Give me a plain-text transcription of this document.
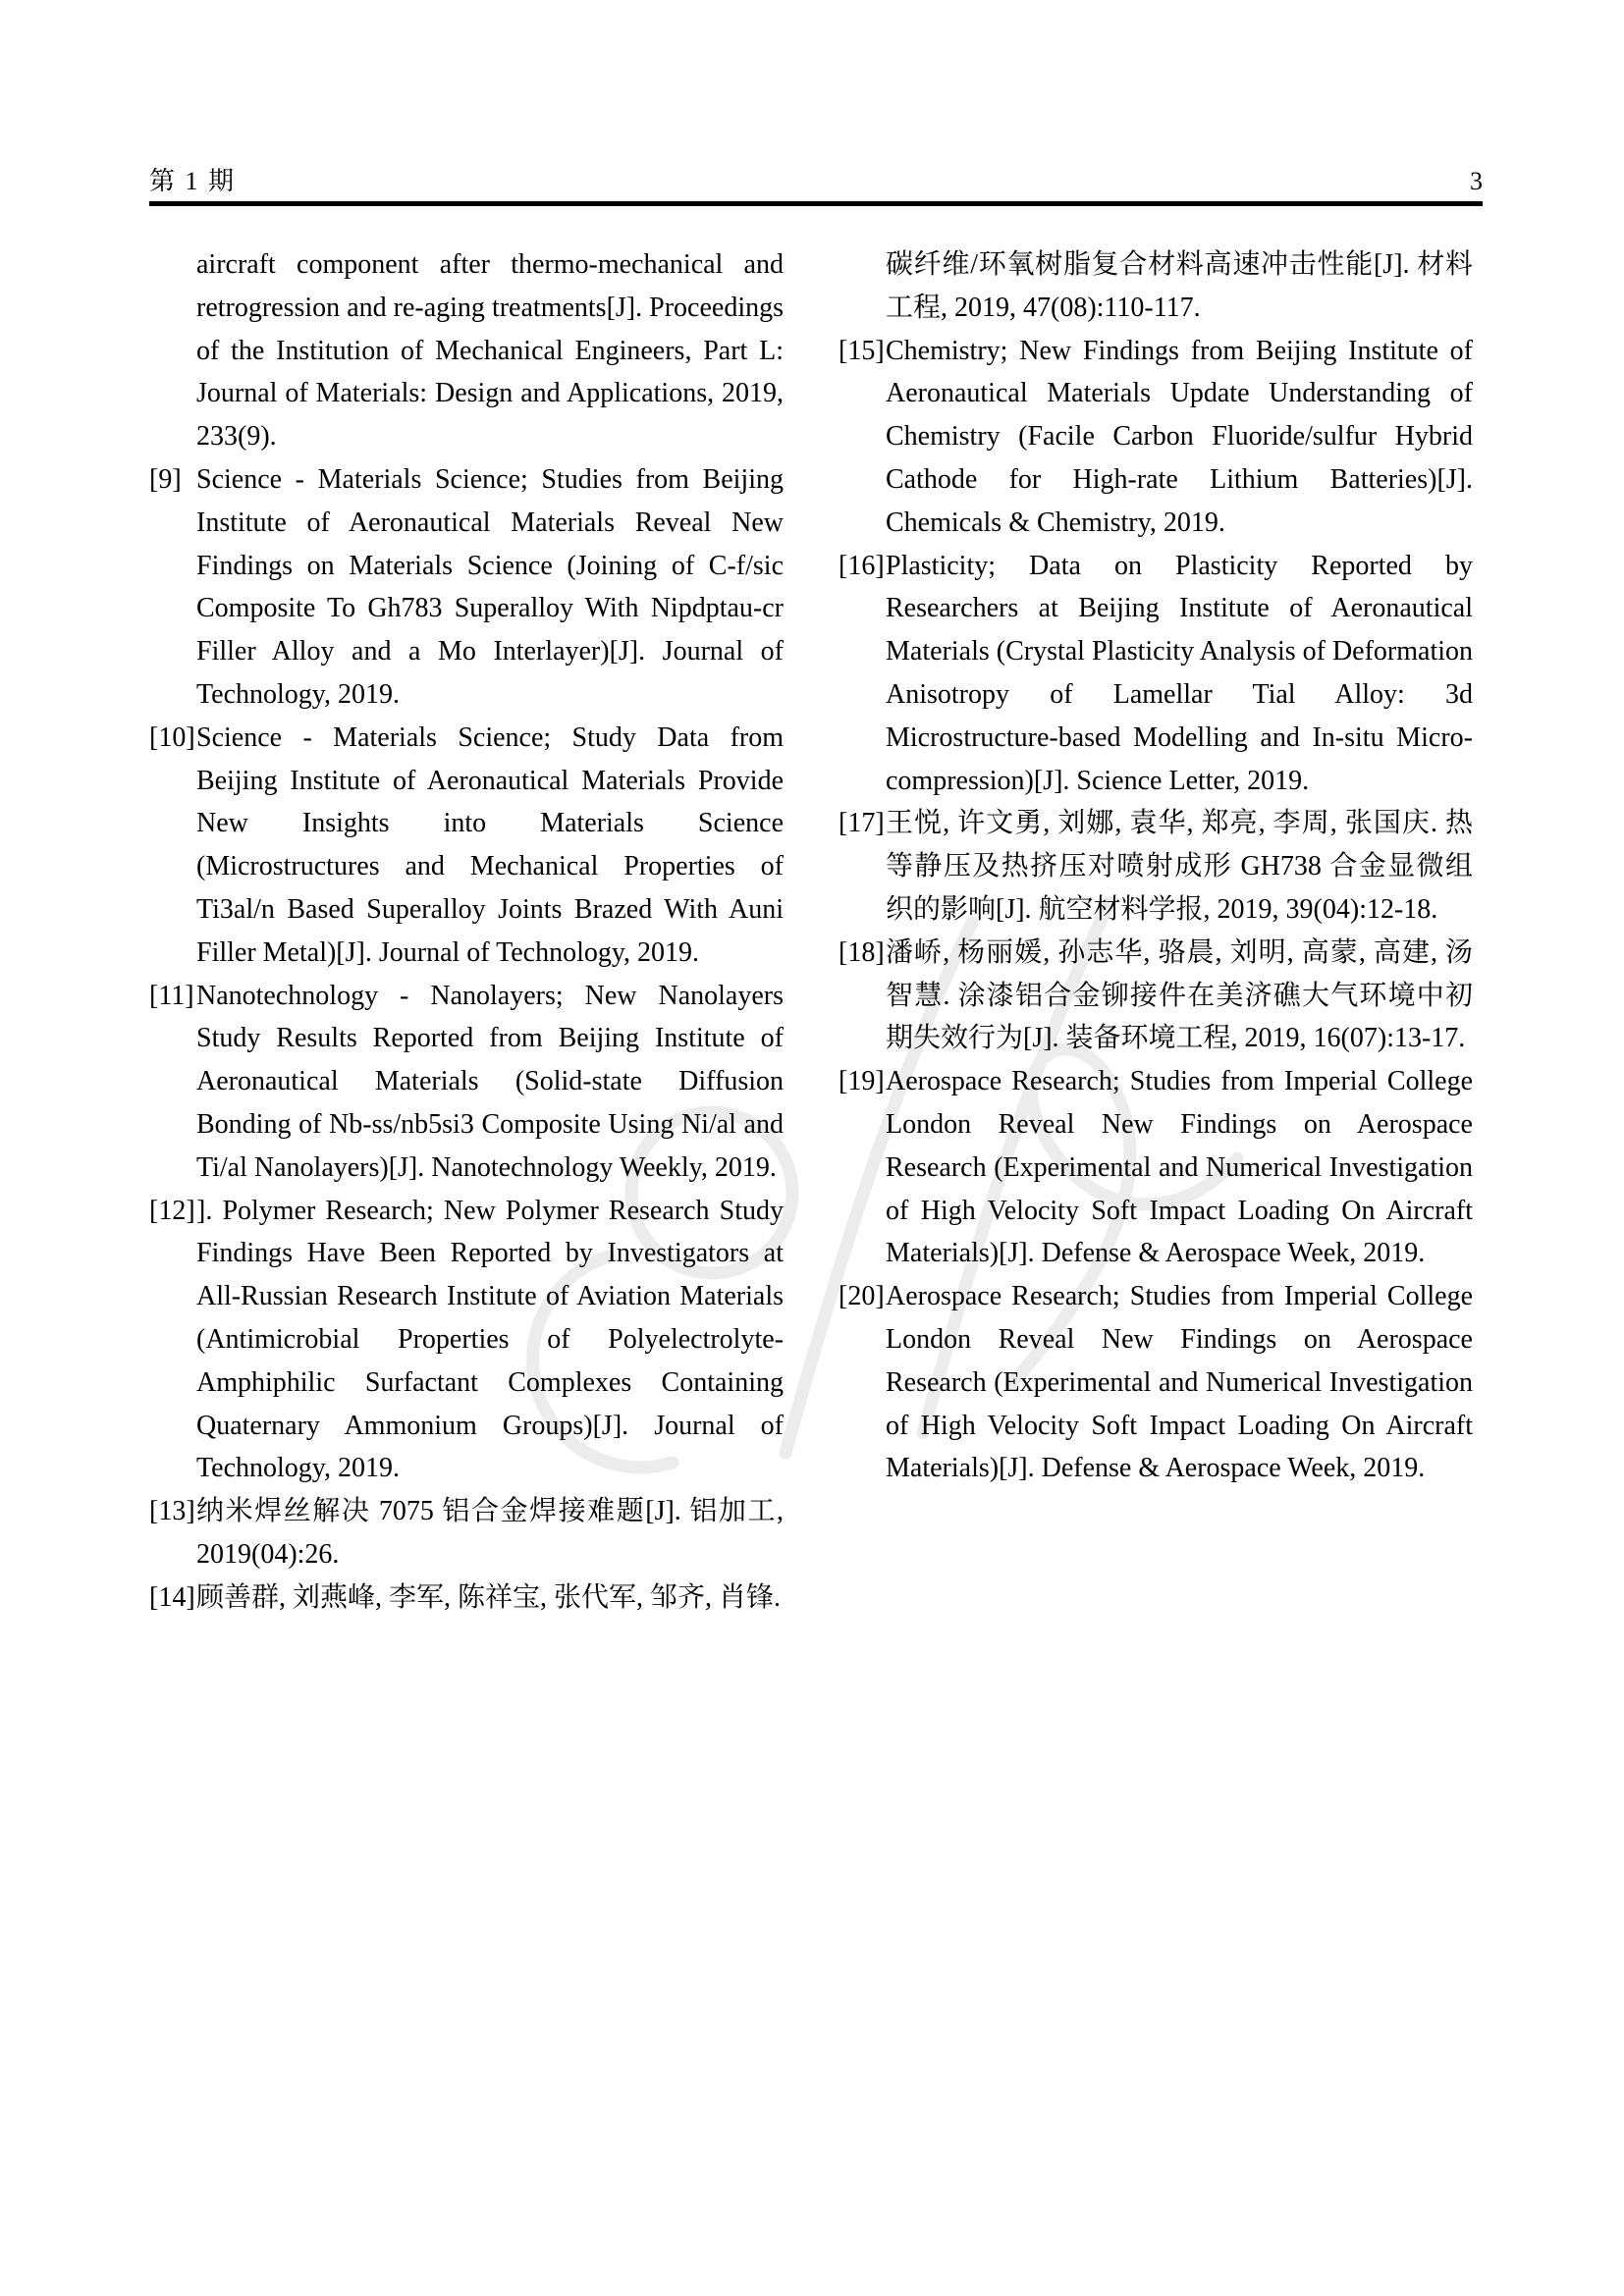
第 1 期	3

aircraft component after thermo-mechanical and retrogression and re-aging treatments[J]. Proceedings of the Institution of Mechanical Engineers, Part L: Journal of Materials: Design and Applications, 2019, 233(9).

[9] Science - Materials Science; Studies from Beijing Institute of Aeronautical Materials Reveal New Findings on Materials Science (Joining of C-f/sic Composite To Gh783 Superalloy With Nipdptau-cr Filler Alloy and a Mo Interlayer)[J]. Journal of Technology, 2019.

[10] Science - Materials Science; Study Data from Beijing Institute of Aeronautical Materials Provide New Insights into Materials Science (Microstructures and Mechanical Properties of Ti3al/n Based Superalloy Joints Brazed With Auni Filler Metal)[J]. Journal of Technology, 2019.

[11] Nanotechnology - Nanolayers; New Nanolayers Study Results Reported from Beijing Institute of Aeronautical Materials (Solid-state Diffusion Bonding of Nb-ss/nb5si3 Composite Using Ni/al and Ti/al Nanolayers)[J]. Nanotechnology Weekly, 2019.

[12] ]. Polymer Research; New Polymer Research Study Findings Have Been Reported by Investigators at All-Russian Research Institute of Aviation Materials (Antimicrobial Properties of Polyelectrolyte-Amphiphilic Surfactant Complexes Containing Quaternary Ammonium Groups)[J]. Journal of Technology, 2019.

[13] 纳米焊丝解决 7075 铝合金焊接难题[J]. 铝加工, 2019(04):26.

[14] 顾善群, 刘燕峰, 李军, 陈祥宝, 张代军, 邹齐, 肖锋.

碳纤维/环氧树脂复合材料高速冲击性能[J]. 材料工程, 2019, 47(08):110-117.

[15] Chemistry; New Findings from Beijing Institute of Aeronautical Materials Update Understanding of Chemistry (Facile Carbon Fluoride/sulfur Hybrid Cathode for High-rate Lithium Batteries)[J]. Chemicals & Chemistry, 2019.

[16] Plasticity; Data on Plasticity Reported by Researchers at Beijing Institute of Aeronautical Materials (Crystal Plasticity Analysis of Deformation Anisotropy of Lamellar Tial Alloy: 3d Microstructure-based Modelling and In-situ Micro-compression)[J]. Science Letter, 2019.

[17] 王悦, 许文勇, 刘娜, 袁华, 郑亮, 李周, 张国庆. 热等静压及热挤压对喷射成形 GH738 合金显微组织的影响[J]. 航空材料学报, 2019, 39(04):12-18.

[18] 潘峤, 杨丽媛, 孙志华, 骆晨, 刘明, 高蒙, 高建, 汤智慧. 涂漆铝合金铆接件在美济礁大气环境中初期失效行为[J]. 装备环境工程, 2019, 16(07):13-17.

[19] Aerospace Research; Studies from Imperial College London Reveal New Findings on Aerospace Research (Experimental and Numerical Investigation of High Velocity Soft Impact Loading On Aircraft Materials)[J]. Defense & Aerospace Week, 2019.

[20] Aerospace Research; Studies from Imperial College London Reveal New Findings on Aerospace Research (Experimental and Numerical Investigation of High Velocity Soft Impact Loading On Aircraft Materials)[J]. Defense & Aerospace Week, 2019.
